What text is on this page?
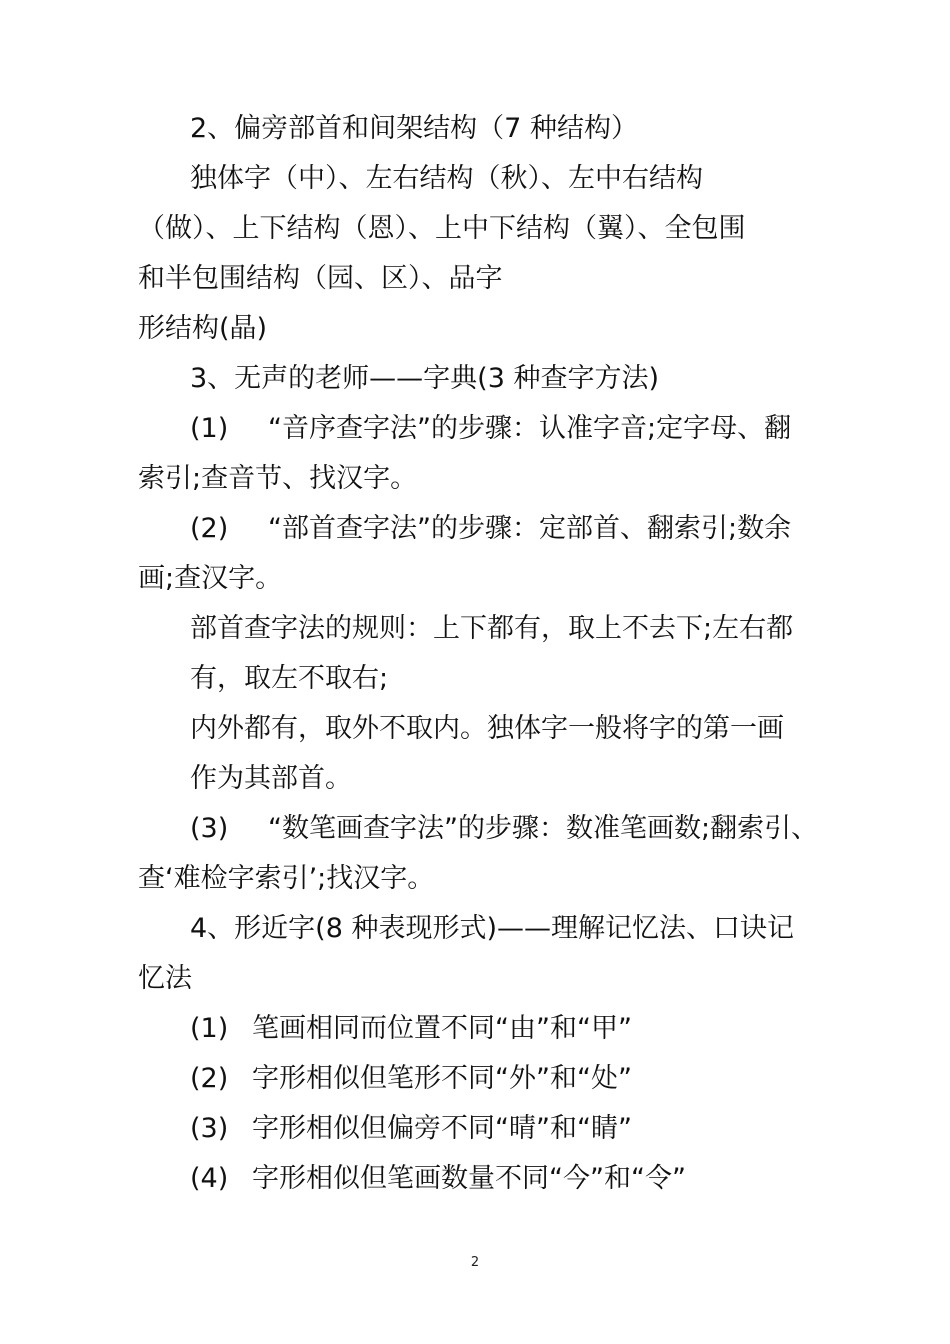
2、偏旁部首和间架结构（7 种结构）
独体字（中）、左右结构（秋）、左中右结构
（做）、上下结构（恩）、上中下结构（翼）、全包围
和半包围结构（园、区）、品字
形结构(晶)
3、无声的老师——字典(3 种查字方法)
(1) “音序查字法”的步骤：认准字音;定字母、翻
索引;查音节、找汉字。
(2) “部首查字法”的步骤：定部首、翻索引;数余
画;查汉字。
部首查字法的规则：上下都有，取上不去下;左右都
有，取左不取右;
内外都有，取外不取内。独体字一般将字的第一画
作为其部首。
(3) “数笔画查字法”的步骤：数准笔画数;翻索引、
查‘难检字索引’;找汉字。
4、形近字(8 种表现形式)——理解记忆法、口诀记
忆法
(1) 笔画相同而位置不同“由”和“甲”
(2) 字形相似但笔形不同“外”和“处”
(3) 字形相似但偏旁不同“晴”和“睛”
(4) 字形相似但笔画数量不同“今”和“令”
2
